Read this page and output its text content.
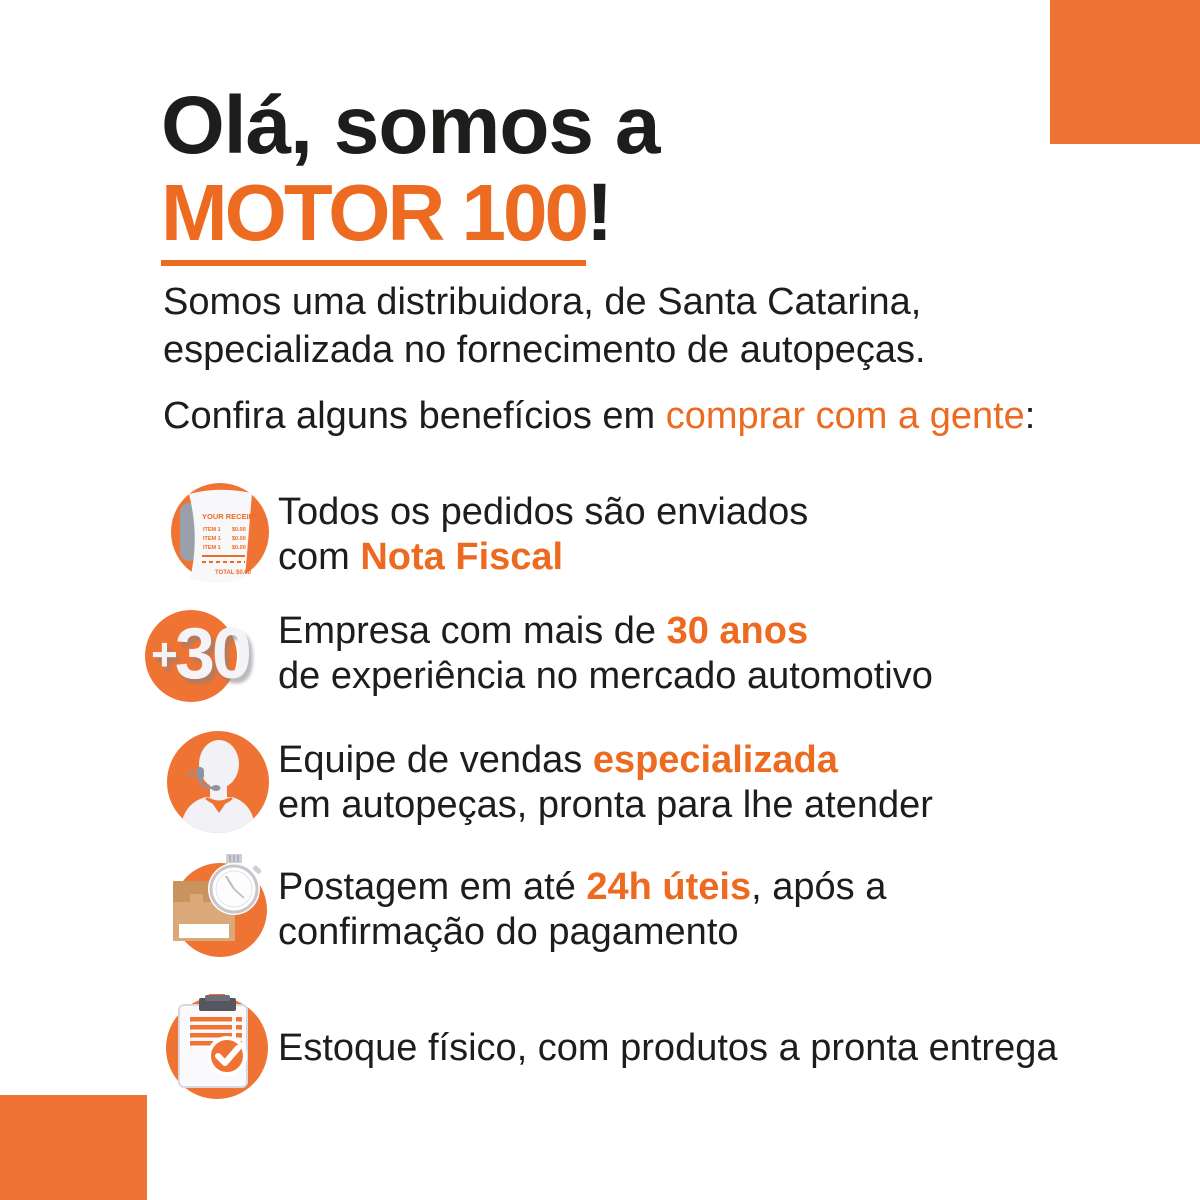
Olá, somos a
MOTOR 100!
Somos uma distribuidora, de Santa Catarina,
especializada no fornecimento de autopeças.
Confira alguns benefícios em comprar com a gente:
YOUR RECEIPT
ITEM 1 $0.00
ITEM 1 $0.00
ITEM 1 $0.00
TOTAL $0.00
Todos os pedidos são enviados
com Nota Fiscal
+ 30 Empresa com mais de 30 anos
de experiência no mercado automotivo
Equipe de vendas especializada
em autopeças, pronta para lhe atender
Postagem em até 24h úteis, após a
confirmação do pagamento
Estoque físico, com produtos a pronta entrega
